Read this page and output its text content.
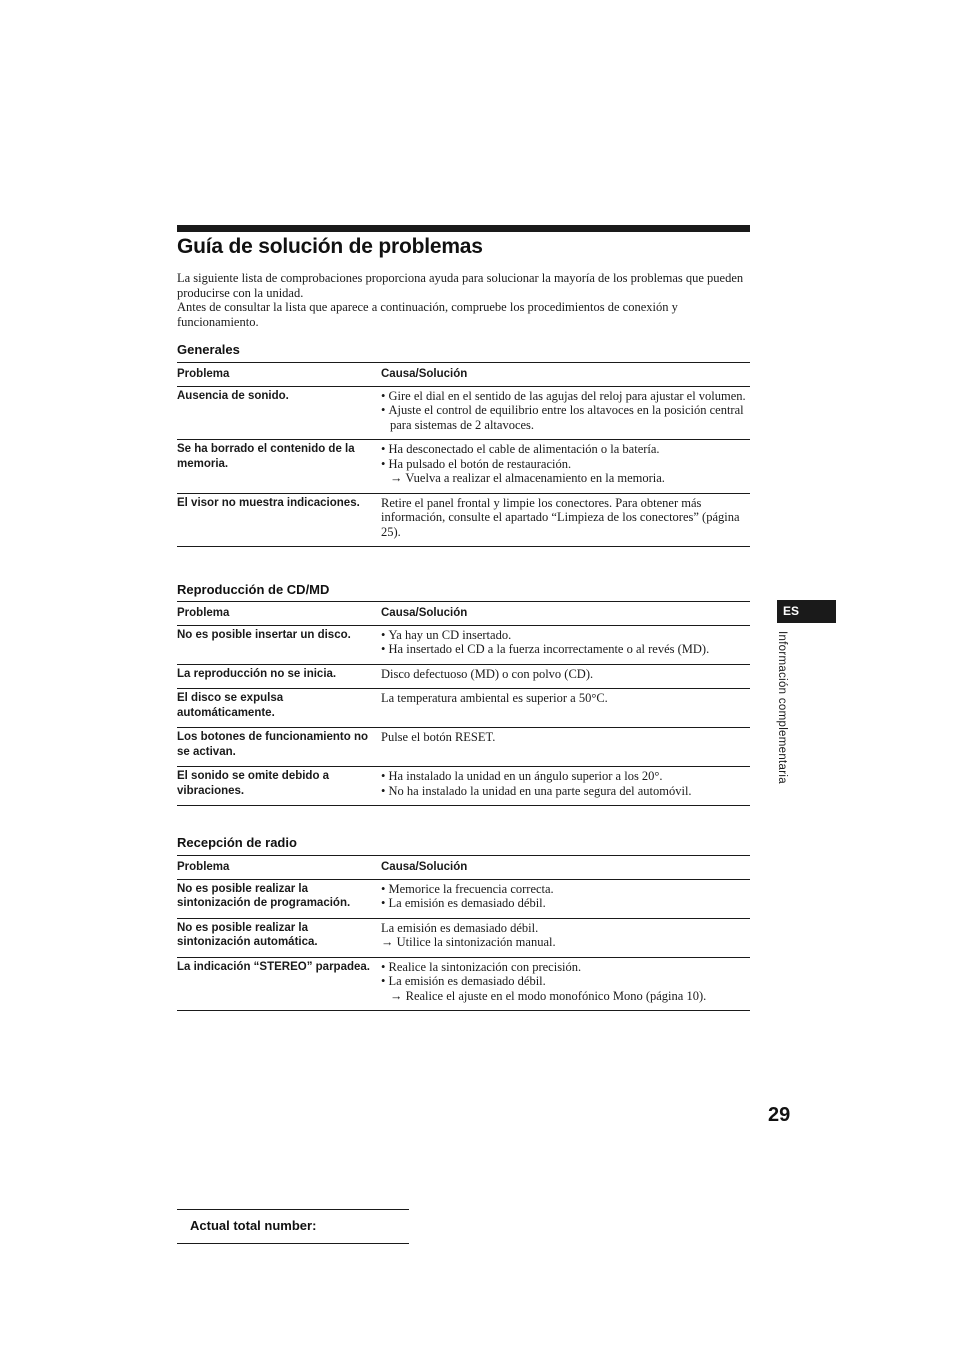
Guía de solución de problemas

La siguiente lista de comprobaciones proporciona ayuda para solucionar la mayoría de los problemas que pueden producirse con la unidad.

Antes de consultar la lista que aparece a continuación, compruebe los procedimientos de conexión y funcionamiento.

Generales
Problema	Causa/Solución
Ausencia de sonido.	• Gire el dial en el sentido de las agujas del reloj para ajustar el volumen.
• Ajuste el control de equilibrio entre los altavoces en la posición central para sistemas de 2 altavoces.

Se ha borrado el contenido de la memoria.	• Ha desconectado el cable de alimentación o la batería.
• Ha pulsado el botón de restauración.
→ Vuelva a realizar el almacenamiento en la memoria.

El visor no muestra indicaciones.	Retire el panel frontal y limpie los conectores. Para obtener más información, consulte el apartado “Limpieza de los conectores” (página 25).
Reproducción de CD/MD
Problema	Causa/Solución
No es posible insertar un disco.	• Ya hay un CD insertado.
• Ha insertado el CD a la fuerza incorrectamente o al revés (MD).

La reproducción no se inicia.	Disco defectuoso (MD) o con polvo (CD).

El disco se expulsa automáticamente.	La temperatura ambiental es superior a 50°C.

Los botones de funcionamiento no se activan.	Pulse el botón RESET.

El sonido se omite debido a vibraciones.	• Ha instalado la unidad en un ángulo superior a los 20°.
• No ha instalado la unidad en una parte segura del automóvil.
Recepción de radio
Problema	Causa/Solución
No es posible realizar la sintonización de programación.	• Memorice la frecuencia correcta.
• La emisión es demasiado débil.

No es posible realizar la sintonización automática.	La emisión es demasiado débil.
→ Utilice la sintonización manual.

La indicación “STEREO” parpadea.	• Realice la sintonización con precisión.
• La emisión es demasiado débil.
→ Realice el ajuste en el modo monofónico Mono (página 10).
ES
Información complementaria
29
Actual total number:
